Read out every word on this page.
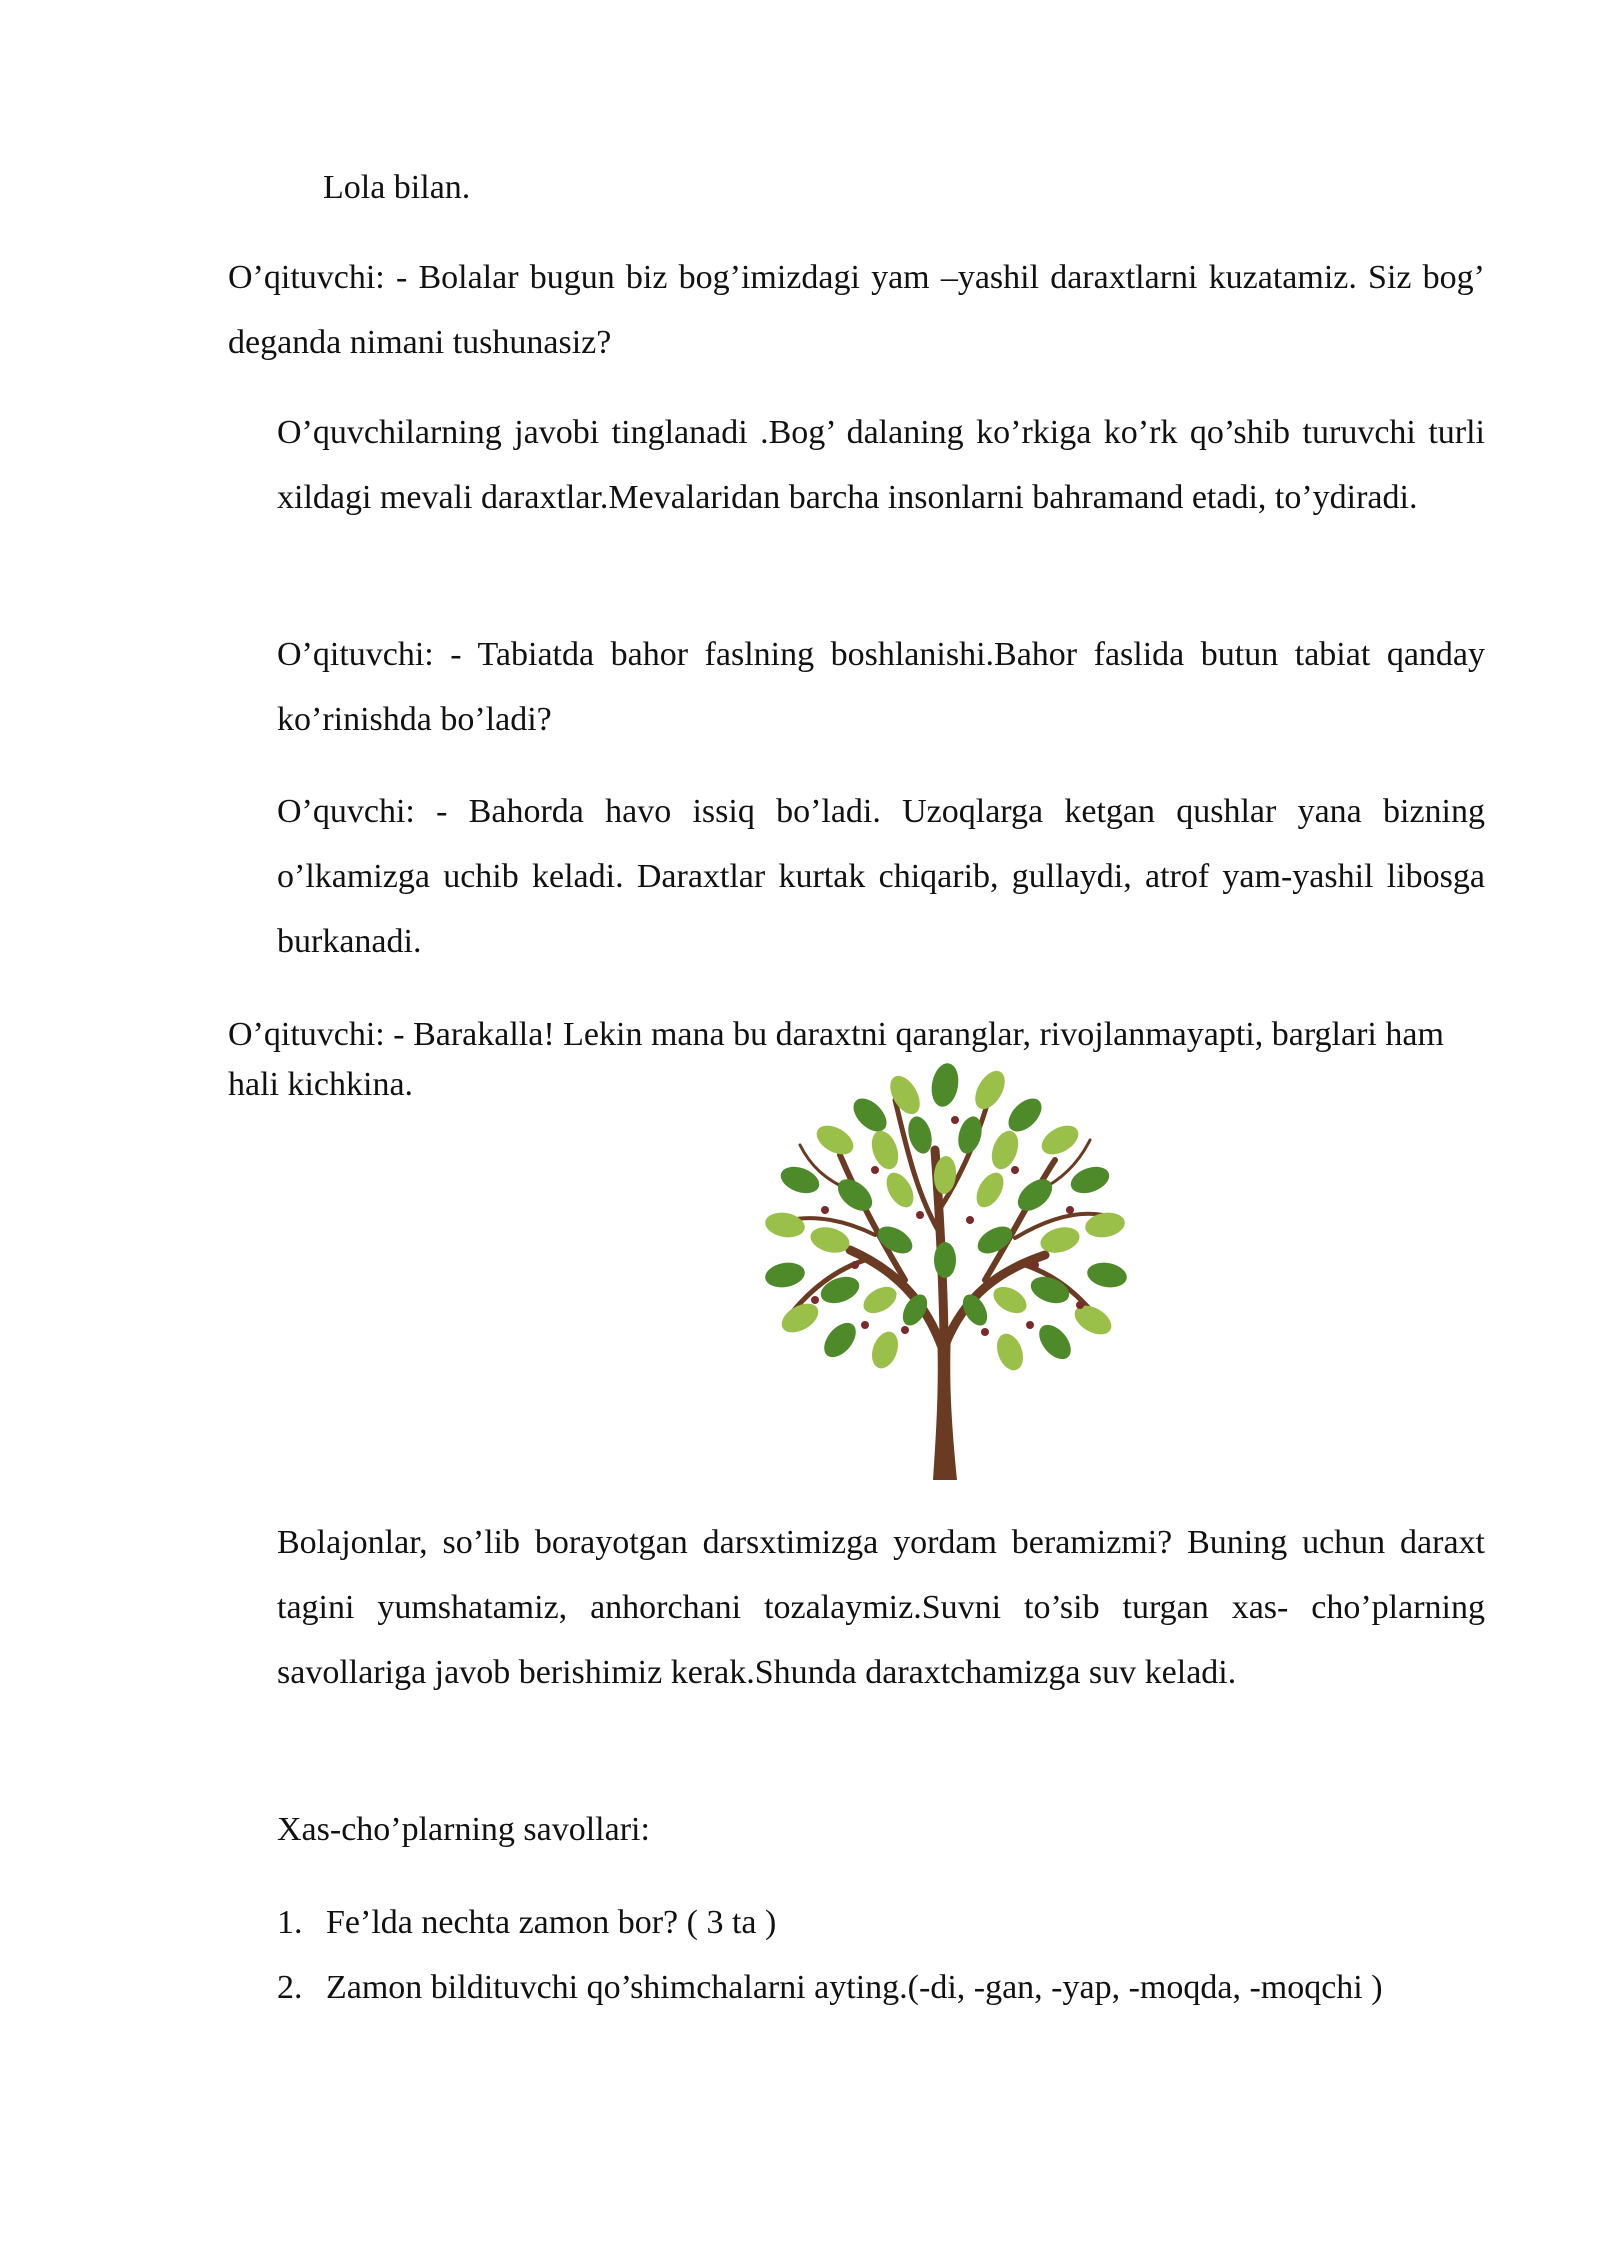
Lola bilan.

O’qituvchi: - Bolalar bugun biz bog’imizdagi yam –yashil daraxtlarni kuzatamiz. Siz bog’ deganda nimani tushunasiz?

O’quvchilarning javobi tinglanadi .Bog’ dalaning ko’rkiga ko’rk qo’shib turuvchi turli xildagi mevali daraxtlar.Mevalaridan barcha insonlarni bahramand etadi, to’ydiradi.

O’qituvchi: - Tabiatda bahor faslning boshlanishi.Bahor faslida butun tabiat qanday ko’rinishda bo’ladi?

O’quvchi: - Bahorda havo issiq bo’ladi. Uzoqlarga ketgan qushlar yana bizning o’lkamizga uchib keladi. Daraxtlar kurtak chiqarib, gullaydi, atrof yam-yashil libosga burkanadi.

O’qituvchi: - Barakalla! Lekin mana bu daraxtni qaranglar, rivojlanmayapti, barglari ham hali kichkina.

Bolajonlar, so’lib borayotgan darsxtimizga yordam beramizmi? Buning uchun daraxt tagini yumshatamiz, anhorchani tozalaymiz.Suvni to’sib turgan xas- cho’plarning savollariga javob berishimiz kerak.Shunda daraxtchamizga suv keladi.

Xas-cho’plarning savollari:

1. Fe’lda nechta zamon bor? ( 3 ta )
2. Zamon bildituvchi qo’shimchalarni ayting.(-di, -gan, -yap, -moqda, -moqchi )
